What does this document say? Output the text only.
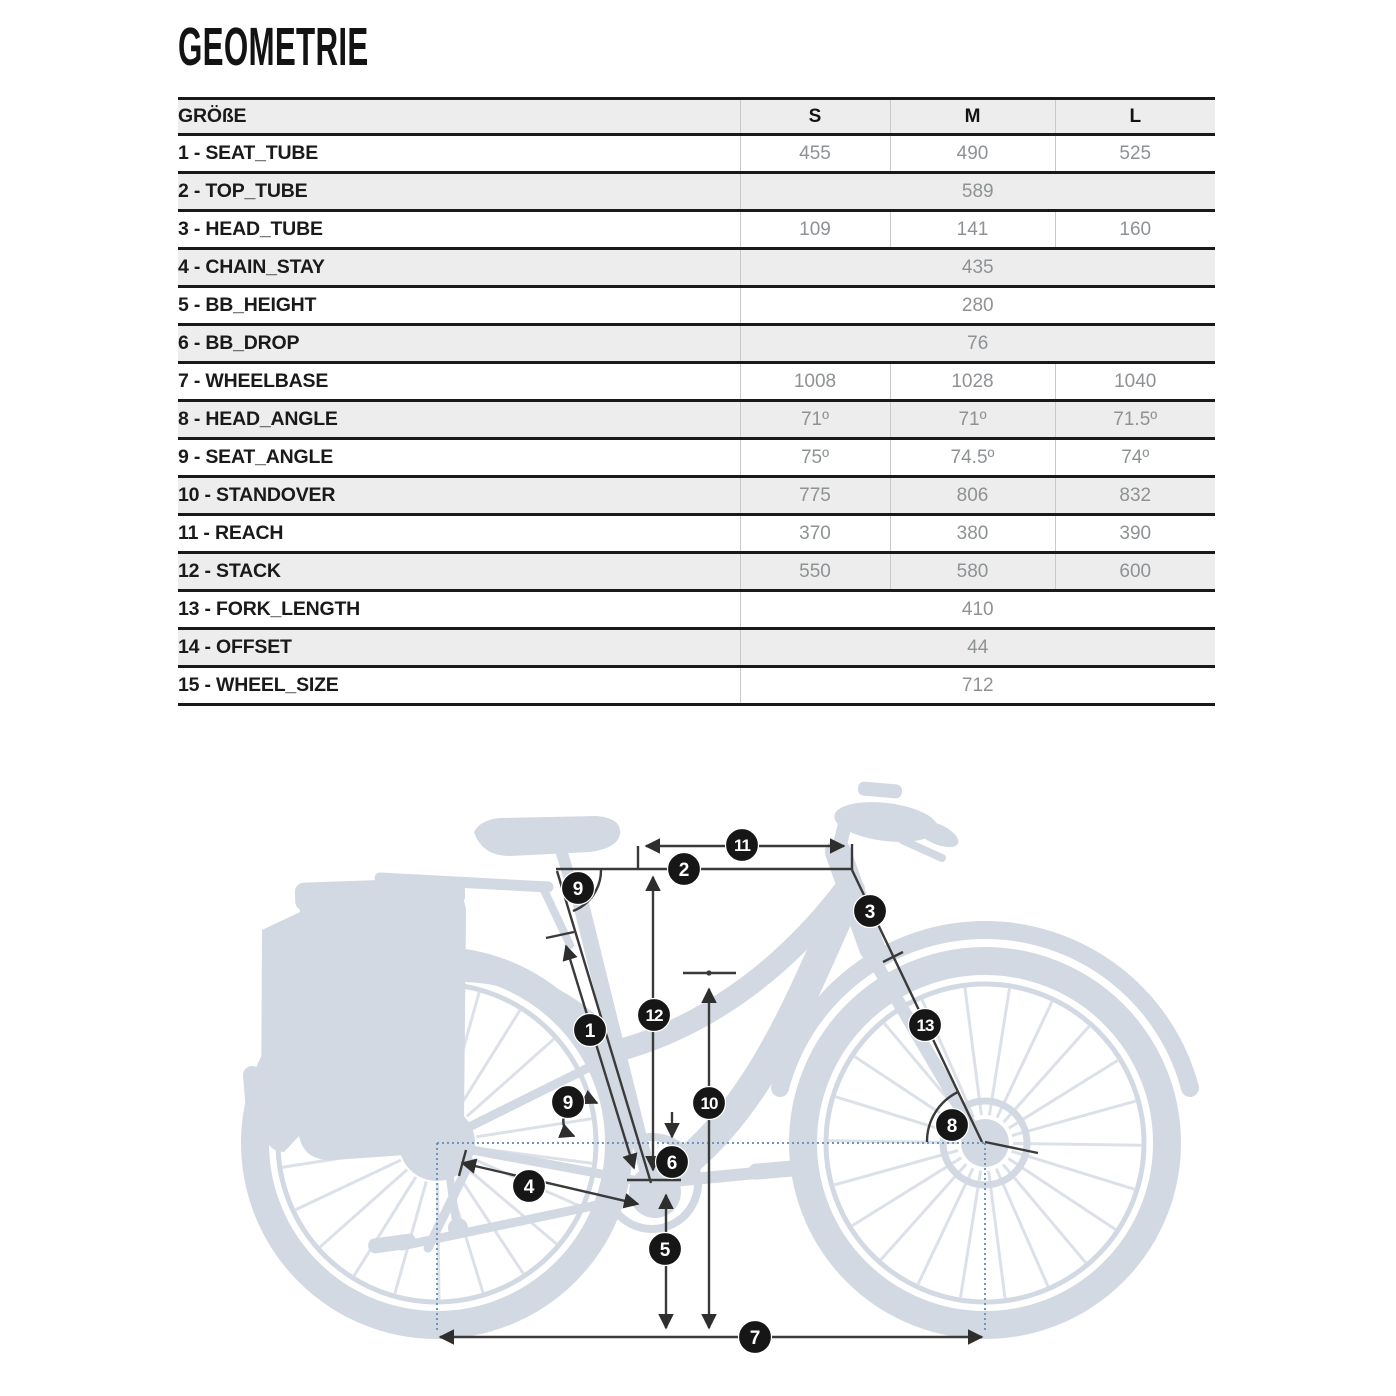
GEOMETRIE
GRÖßE	S	M	L
1 - SEAT_TUBE	455	490	525
2 - TOP_TUBE	589		
3 - HEAD_TUBE	109	141	160
4 - CHAIN_STAY	435		
5 - BB_HEIGHT	280		
6 - BB_DROP	76		
7 - WHEELBASE	1008	1028	1040
8 - HEAD_ANGLE	71º	71º	71.5º
9 - SEAT_ANGLE	75º	74.5º	74º
10 - STANDOVER	775	806	832
11 - REACH	370	380	390
12 - STACK	550	580	600
13 - FORK_LENGTH	410		
14 - OFFSET	44		
15 - WHEEL_SIZE	712		
11
2
9
3
13
12
1
9	10
8
6
4
5
7
